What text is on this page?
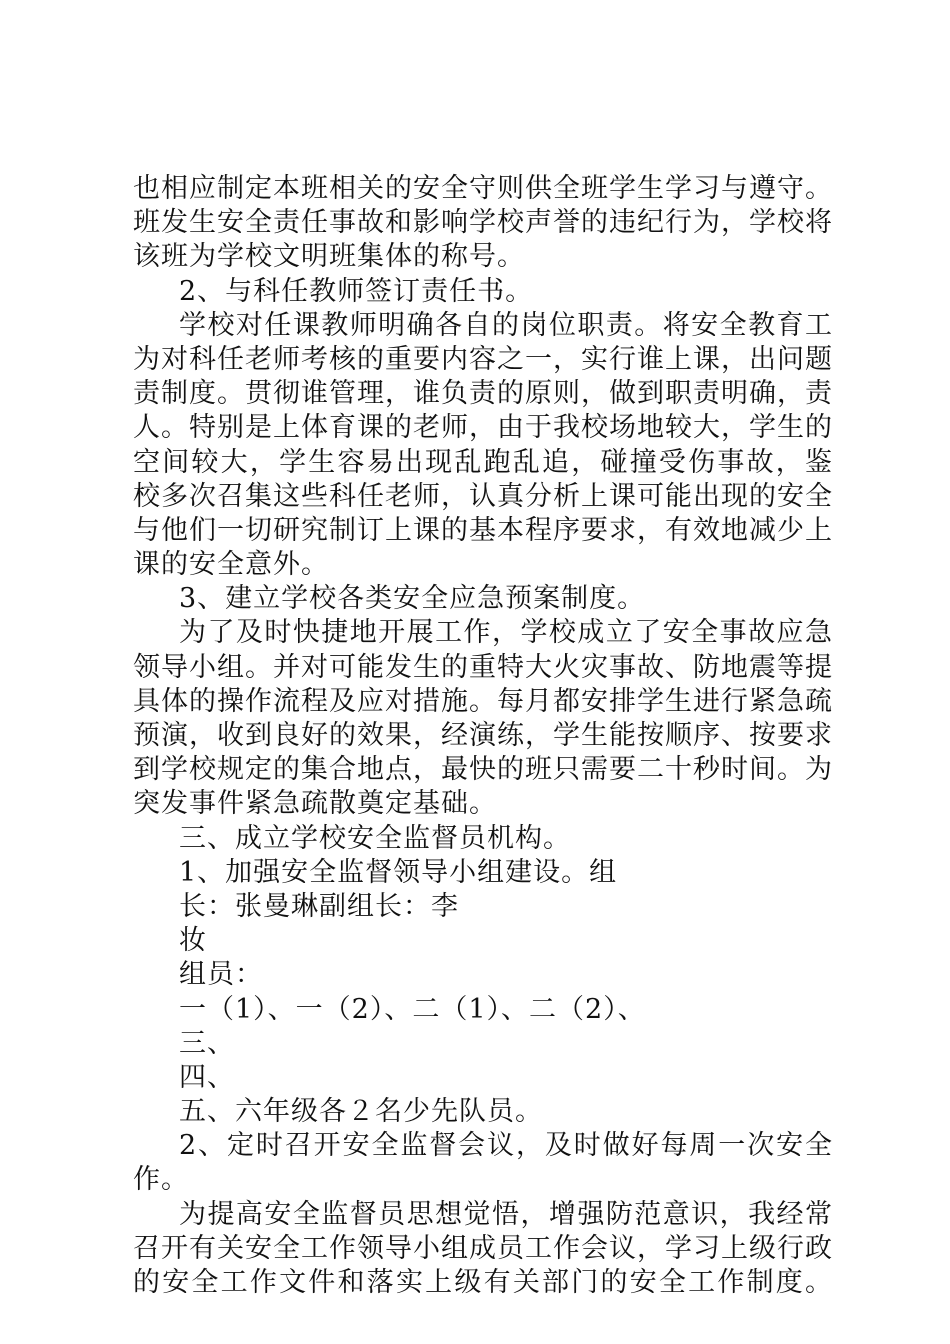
也相应制定本班相关的安全守则供全班学生学习与遵守。
班发生安全责任事故和影响学校声誉的违纪行为，学校将
该班为学校文明班集体的称号。
2、与科任教师签订责任书。
学校对任课教师明确各自的岗位职责。将安全教育工
为对科任老师考核的重要内容之一，实行谁上课，出问题
责制度。贯彻谁管理，谁负责的原则，做到职责明确，责
人。特别是上体育课的老师，由于我校场地较大，学生的
空间较大，学生容易出现乱跑乱追，碰撞受伤事故，鉴
校多次召集这些科任老师，认真分析上课可能出现的安全
与他们一切研究制订上课的基本程序要求，有效地减少上
课的安全意外。
3、建立学校各类安全应急预案制度。
为了及时快捷地开展工作，学校成立了安全事故应急
领导小组。并对可能发生的重特大火灾事故、防地震等提
具体的操作流程及应对措施。每月都安排学生进行紧急疏
预演，收到良好的效果，经演练，学生能按顺序、按要求
到学校规定的集合地点，最快的班只需要二十秒时间。为
突发事件紧急疏散奠定基础。
三、成立学校安全监督员机构。
1、加强安全监督领导小组建设。组
长：张曼琳副组长：李
妆
组员：
一（1）、一（2）、二（1）、二（2）、
三、
四、
五、六年级各２名少先队员。
2、定时召开安全监督会议，及时做好每周一次安全
作。
为提高安全监督员思想觉悟，增强防范意识，我经常
召开有关安全工作领导小组成员工作会议，学习上级行政
的安全工作文件和落实上级有关部门的安全工作制度。
